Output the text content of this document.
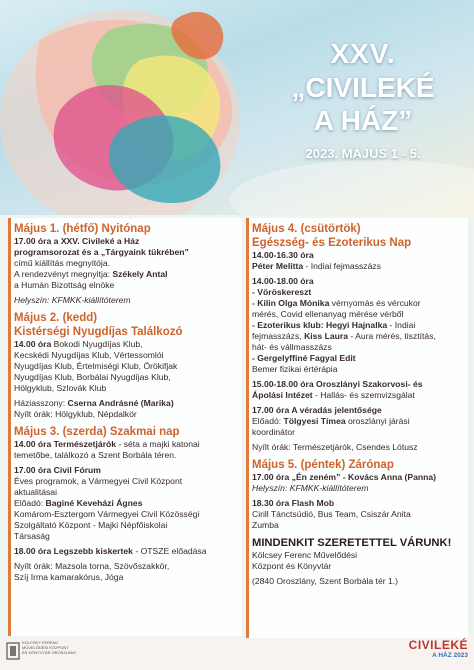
XXV.
„CIVILEKÉ
A HÁZ”
2023. MÁJUS 1 - 5.
Május 1. (hétfő) Nyitónap
17.00 óra a XXV. Civileké a Ház
programsorozat és a „Tárgyaink tükrében”
című kiállítás megnyitója.
A rendezvényt megnyitja: Székely Antal
a Humán Bizottság elnöke
Helyszín: KFMKK-kiállítóterem
Május 2. (kedd)
Kistérségi Nyugdíjas Találkozó
14.00 óra Bokodi Nyugdíjas Klub,
Kecskédi Nyugdíjas Klub, Vértessomlói
Nyugdíjas Klub, Értelmiségi Klub, Örökifjak
Nyugdíjas Klub, Borbálai Nyugdíjas Klub,
Hölgyklub, Szlovák Klub
Háziasszony: Cserna Andrásné (Marika)
Nyílt órák: Hölgyklub, Népdalkör
Május 3. (szerda) Szakmai nap
14.00 óra Természetjárók - séta a majki katonai
temetőbe, találkozó a Szent Borbála téren.
17.00 óra Civil Fórum
Éves programok, a Vármegyei Civil Központ
aktualitásai
Előadó: Baginé Keveházi Ágnes
Komárom-Esztergom Vármegyei Civil Közösségi
Szolgáltató Központ - Majki Népfőiskolai
Társaság
18.00 óra Legszebb kiskertek - OTSZE előadása
Nyílt órák: Mazsola torna, Szövőszakkör,
Szíj Irma kamarakórus, Jóga
Május 4. (csütörtök)
Egészség- és Ezoterikus Nap
14.00-16.30 óra
Péter Melitta - Indiai fejmasszázs
14.00-18.00 óra
- Vöröskereszt
- Kilin Olga Mónika vérnyomás és vércukor
mérés, Covid ellenanyag mérése vérből
- Ezoterikus klub: Hegyi Hajnalka - Indiai
fejmasszázs, Kiss Laura - Aura mérés, tisztítás,
hát- és vállmasszázs
- Gergelyffiné Fagyal Edit
Bemer fizikai értérápia
15.00-18.00 óra Oroszlányi Szakorvosi- és
Ápolási Intézet - Hallás- és szemvizsgálat
17.00 óra A véradás jelentősége
Előadó: Tölgyesi Tímea oroszlányi járási
koordinátor
Nyílt órák: Természetjárók, Csendes Lótusz
Május 5. (péntek) Zárónap
17.00 óra „Én zeném” - Kovács Anna (Panna)
Helyszín: KFMKK-kiállítóterem
18.30 óra Flash Mob
Cirill Tánctsúdió, Bus Team, Csiszár Anita
Zumba
MINDENKIT SZERETETTEL VÁRUNK!
Kölcsey Ferenc Művelődési
Központ és Könyvtár
(2840 Oroszlány, Szent Borbála tér 1.)
KÖLCSEY FERENC
MŰVELŐDÉSI KÖZPONT
ÉS KÖNYVTÁR OROSZLÁNY
CIVILEKÉ
A HÁZ 2023
